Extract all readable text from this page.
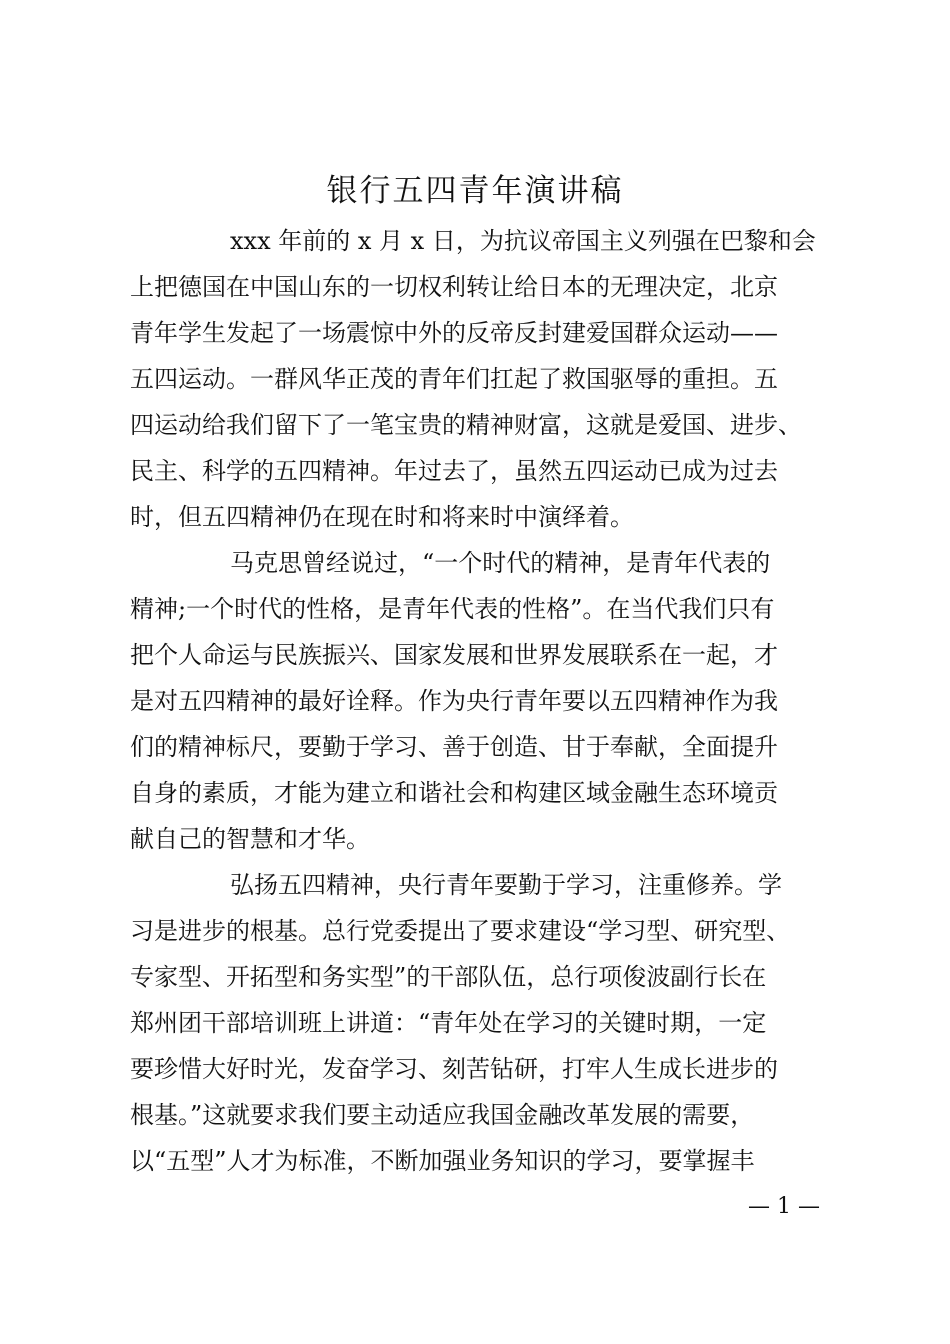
银行五四青年演讲稿
xxx 年前的 x 月 x 日，为抗议帝国主义列强在巴黎和会
上把德国在中国山东的一切权利转让给日本的无理决定，北京
青年学生发起了一场震惊中外的反帝反封建爱国群众运动——
五四运动。一群风华正茂的青年们扛起了救国驱辱的重担。五
四运动给我们留下了一笔宝贵的精神财富，这就是爱国、进步、
民主、科学的五四精神。年过去了，虽然五四运动已成为过去
时，但五四精神仍在现在时和将来时中演绎着。
马克思曾经说过，“一个时代的精神，是青年代表的
精神;一个时代的性格，是青年代表的性格”。在当代我们只有
把个人命运与民族振兴、国家发展和世界发展联系在一起，才
是对五四精神的最好诠释。作为央行青年要以五四精神作为我
们的精神标尺，要勤于学习、善于创造、甘于奉献，全面提升
自身的素质，才能为建立和谐社会和构建区域金融生态环境贡
献自己的智慧和才华。
弘扬五四精神，央行青年要勤于学习，注重修养。学
习是进步的根基。总行党委提出了要求建设“学习型、研究型、
专家型、开拓型和务实型”的干部队伍，总行项俊波副行长在
郑州团干部培训班上讲道：“青年处在学习的关键时期，一定
要珍惜大好时光，发奋学习、刻苦钻研，打牢人生成长进步的
根基。”这就要求我们要主动适应我国金融改革发展的需要，
以“五型”人才为标准，不断加强业务知识的学习，要掌握丰
— 1 —
